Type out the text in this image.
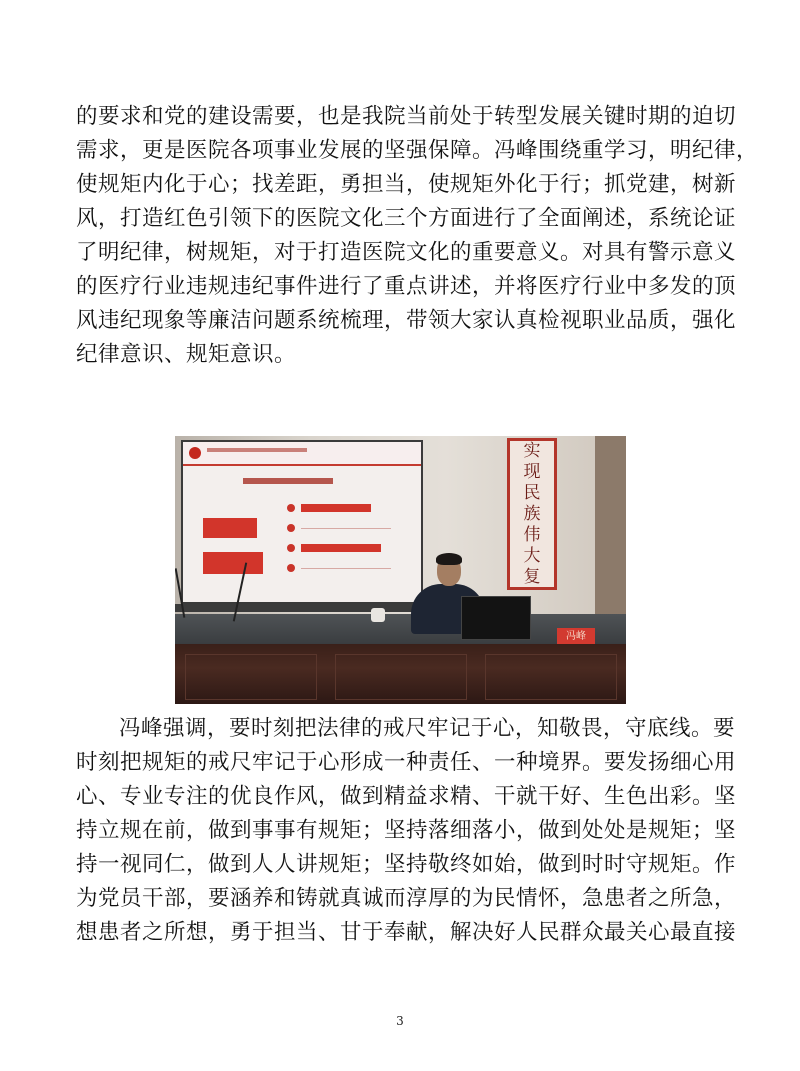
的要求和党的建设需要，也是我院当前处于转型发展关键时期的迫切
需求，更是医院各项事业发展的坚强保障。冯峰围绕重学习，明纪律，
使规矩内化于心；找差距，勇担当，使规矩外化于行；抓党建，树新
风，打造红色引领下的医院文化三个方面进行了全面阐述，系统论证
了明纪律，树规矩，对于打造医院文化的重要意义。对具有警示意义
的医疗行业违规违纪事件进行了重点讲述，并将医疗行业中多发的顶
风违纪现象等廉洁问题系统梳理，带领大家认真检视职业品质，强化
纪律意识、规矩意识。
实
现
民
族
伟
大
复
冯峰
冯峰强调，要时刻把法律的戒尺牢记于心，知敬畏，守底线。要
时刻把规矩的戒尺牢记于心形成一种责任、一种境界。要发扬细心用
心、专业专注的优良作风，做到精益求精、干就干好、生色出彩。坚
持立规在前，做到事事有规矩；坚持落细落小，做到处处是规矩；坚
持一视同仁，做到人人讲规矩；坚持敬终如始，做到时时守规矩。作
为党员干部，要涵养和铸就真诚而淳厚的为民情怀，急患者之所急，
想患者之所想，勇于担当、甘于奉献，解决好人民群众最关心最直接
3
